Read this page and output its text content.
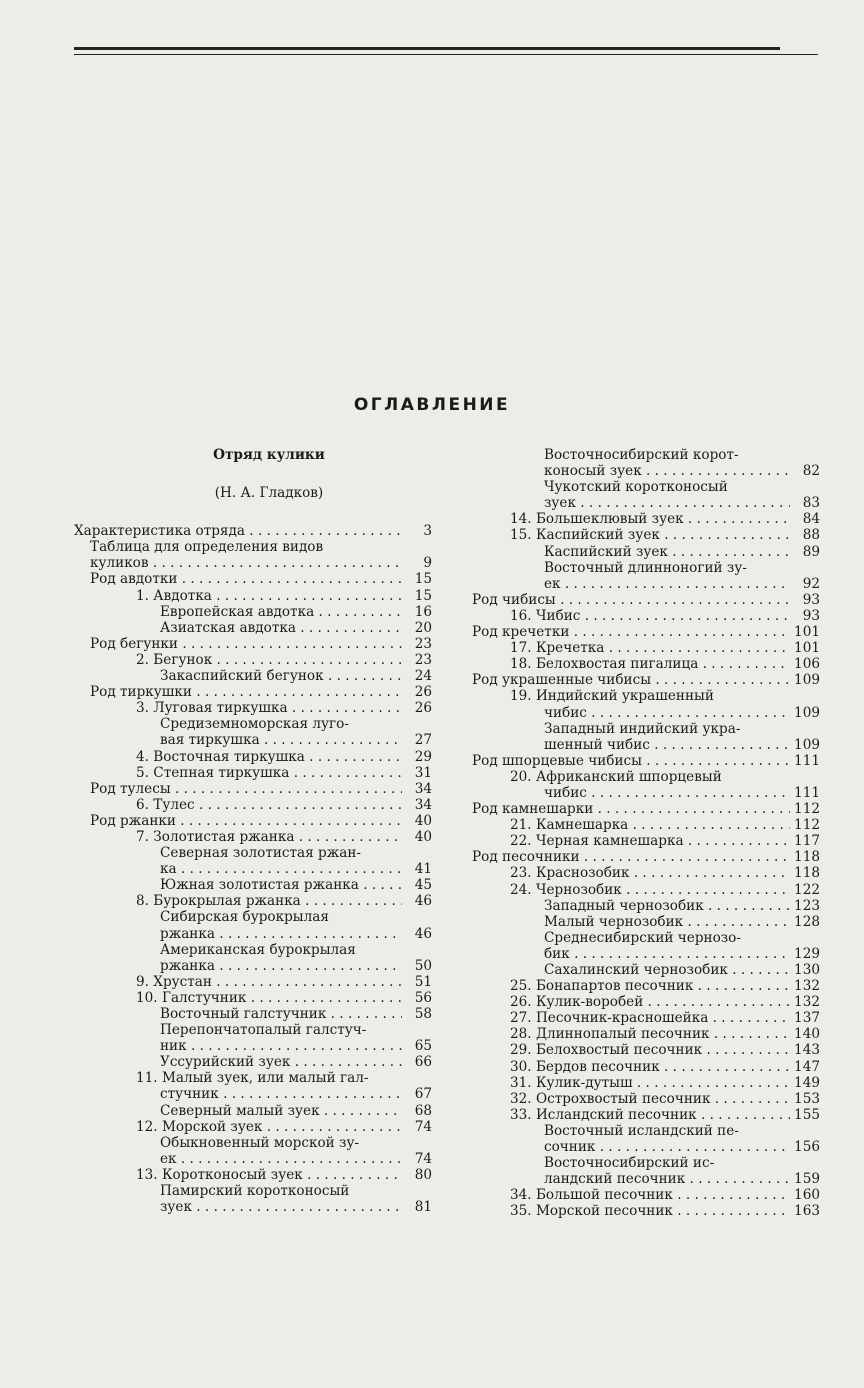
ОГЛАВЛЕНИЕ
Отряд кулики
(Н. А. Гладков)
Характеристика отряда . . .	3
Таблица для определения видов
куликов . . .	9
Род авдотки . . .	15
1. Авдотка . . .	15
Европейская авдотка . . .	16
Азиатская авдотка . . .	20
Род бегунки . . .	23
2. Бегунок . . .	23
Закаспийский бегунок . . .	24
Род тиркушки . . .	26
3. Луговая тиркушка . . .	26
Средиземноморская луго-
вая тиркушка . . .	27
4. Восточная тиркушка . . .	29
5. Степная тиркушка . . .	31
Род тулесы . . .	34
6. Тулес . . .	34
Род ржанки . . .	40
7. Золотистая ржанка . . .	40
Северная золотистая ржан-
ка . . .	41
Южная золотистая ржанка . . .	45
8. Бурокрылая ржанка . . .	46
Сибирская бурокрылая
ржанка . . .	46
Американская бурокрылая
ржанка . . .	50
9. Хрустан . . .	51
10. Галстучник . . .	56
Восточный галстучник . . .	58
Перепончатопалый галстуч-
ник . . .	65
Уссурийский зуек . . .	66
11. Малый зуек, или малый гал-
стучник . . .	67
Северный малый зуек . . .	68
12. Морской зуек . . .	74
Обыкновенный морской зу-
ек . . .	74
13. Коротконосый зуек . . .	80
Памирский коротконосый
зуек . . .	81
Восточносибирский корот-
коносый зуек . . .	82
Чукотский коротконосый
зуек . . .	83
14. Большеклювый зуек . . .	84
15. Каспийский зуек . . .	88
Каспийский зуек . . .	89
Восточный длинноногий зу-
ек . . .	92
Род чибисы . . .	93
16. Чибис . . .	93
Род кречетки . . .	101
17. Кречетка . . .	101
18. Белохвостая пигалица . . .	106
Род украшенные чибисы . . .	109
19. Индийский украшенный
чибис . . .	109
Западный индийский укра-
шенный чибис . . .	109
Род шпорцевые чибисы . . .	111
20. Африканский шпорцевый
чибис . . .	111
Род камнешарки . . .	112
21. Камнешарка . . .	112
22. Черная камнешарка . . .	117
Род песочники . . .	118
23. Краснозобик . . .	118
24. Чернозобик . . .	122
Западный чернозобик . . .	123
Малый чернозобик . . .	128
Среднесибирский чернозо-
бик . . .	129
Сахалинский чернозобик . . .	130
25. Бонапартов песочник . . .	132
26. Кулик-воробей . . .	132
27. Песочник-красношейка . . .	137
28. Длиннопалый песочник . . .	140
29. Белохвостый песочник . . .	143
30. Бердов песочник . . .	147
31. Кулик-дутыш . . .	149
32. Острохвостый песочник . . .	153
33. Исландский песочник . . .	155
Восточный исландский пе-
сочник . . .	156
Восточносибирский ис-
ландский песочник . . .	159
34. Большой песочник . . .	160
35. Морской песочник . . .	163
